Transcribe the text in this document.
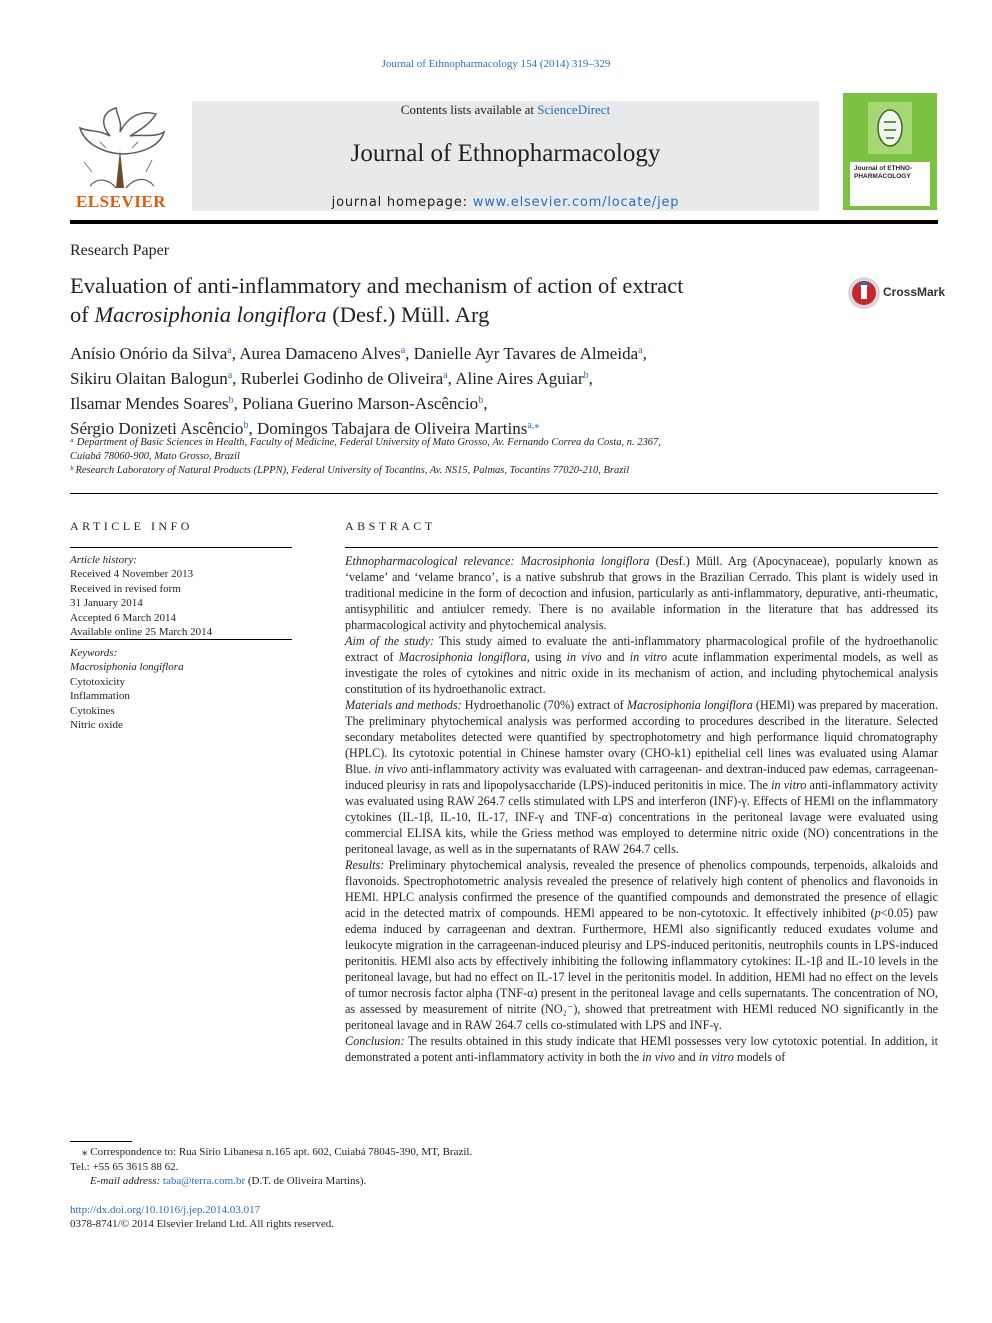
Journal of Ethnopharmacology 154 (2014) 319–329
ELSEVIER
Contents lists available at ScienceDirect
Journal of Ethnopharmacology
journal homepage: www.elsevier.com/locate/jep
Journal of ETHNO-PHARMACOLOGY
Research Paper
Evaluation of anti-inflammatory and mechanism of action of extract
of Macrosiphonia longiflora (Desf.) Müll. Arg
CrossMark
Anísio Onório da Silva$^a$, Aurea Damaceno Alves$^a$, Danielle Ayr Tavares de Almeida$^a$,
Sikiru Olaitan Balogun$^a$, Ruberlei Godinho de Oliveira$^a$, Aline Aires Aguiar$^b$,
Ilsamar Mendes Soares$^b$, Poliana Guerino Marson-Ascêncio$^b$,
Sérgio Donizeti Ascêncio$^b$, Domingos Tabajara de Oliveira Martins$^{a,⁎}$
ᵃ Department of Basic Sciences in Health, Faculty of Medicine, Federal University of Mato Grosso, Av. Fernando Correa da Costa, n. 2367,
Cuiabá 78060-900, Mato Grosso, Brazil
ᵇ Research Laboratory of Natural Products (LPPN), Federal University of Tocantins, Av. NS15, Palmas, Tocantins 77020-210, Brazil
ARTICLE INFO
Article history:
Received 4 November 2013
Received in revised form
31 January 2014
Accepted 6 March 2014
Available online 25 March 2014
Keywords:
Macrosiphonia longiflora
Cytotoxicity
Inflammation
Cytokines
Nitric oxide
ABSTRACT

Ethnopharmacological relevance: Macrosiphonia longiflora (Desf.) Müll. Arg (Apocynaceae), popularly known as ‘velame’ and ‘velame branco’, is a native subshrub that grows in the Brazilian Cerrado. This plant is widely used in traditional medicine in the form of decoction and infusion, particularly as anti-inflammatory, depurative, anti-rheumatic, antisyphilitic and antiulcer remedy. There is no available information in the literature that has addressed its pharmacological activity and phytochemical analysis.

Aim of the study: This study aimed to evaluate the anti-inflammatory pharmacological profile of the hydroethanolic extract of Macrosiphonia longiflora, using in vivo and in vitro acute inflammation experimental models, as well as investigate the roles of cytokines and nitric oxide in its mechanism of action, and including phytochemical analysis constitution of its hydroethanolic extract.

Materials and methods: Hydroethanolic (70%) extract of Macrosiphonia longiflora (HEMl) was prepared by maceration. The preliminary phytochemical analysis was performed according to procedures described in the literature. Selected secondary metabolites detected were quantified by spectrophotometry and high performance liquid chromatography (HPLC). Its cytotoxic potential in Chinese hamster ovary (CHO-k1) epithelial cell lines was evaluated using Alamar Blue. in vivo anti-inflammatory activity was evaluated with carrageenan- and dextran-induced paw edemas, carrageenan-induced pleurisy in rats and lipopolysaccharide (LPS)-induced peritonitis in mice. The in vitro anti-inflammatory activity was evaluated using RAW 264.7 cells stimulated with LPS and interferon (INF)-γ. Effects of HEMl on the inflammatory cytokines (IL-1β, IL-10, IL-17, INF-γ and TNF-α) concentrations in the peritoneal lavage were evaluated using commercial ELISA kits, while the Griess method was employed to determine nitric oxide (NO) concentrations in the peritoneal lavage, as well as in the supernatants of RAW 264.7 cells.

Results: Preliminary phytochemical analysis, revealed the presence of phenolics compounds, terpenoids, alkaloids and flavonoids. Spectrophotometric analysis revealed the presence of relatively high content of phenolics and flavonoids in HEMl. HPLC analysis confirmed the presence of the quantified compounds and demonstrated the presence of ellagic acid in the detected matrix of compounds. HEMl appeared to be non-cytotoxic. It effectively inhibited (p<0.05) paw edema induced by carrageenan and dextran. Furthermore, HEMl also significantly reduced exudates volume and leukocyte migration in the carrageenan-induced pleurisy and LPS-induced peritonitis, neutrophils counts in LPS-induced peritonitis. HEMl also acts by effectively inhibiting the following inflammatory cytokines: IL-1β and IL-10 levels in the peritoneal lavage, but had no effect on IL-17 level in the peritonitis model. In addition, HEMl had no effect on the levels of tumor necrosis factor alpha (TNF-α) present in the peritoneal lavage and cells supernatants. The concentration of NO, as assessed by measurement of nitrite (NO₂⁻), showed that pretreatment with HEMl reduced NO significantly in the peritoneal lavage and in RAW 264.7 cells co-stimulated with LPS and INF-γ.

Conclusion: The results obtained in this study indicate that HEMl possesses very low cytotoxic potential. In addition, it demonstrated a potent anti-inflammatory activity in both the in vivo and in vitro models of

⁎ Correspondence to: Rua Sírio Libanesa n.165 apt. 602, Cuiabá 78045-390, MT, Brazil.
Tel.: +55 65 3615 88 62.
E-mail address: taba@terra.com.br (D.T. de Oliveira Martins).
http://dx.doi.org/10.1016/j.jep.2014.03.017
0378-8741/© 2014 Elsevier Ireland Ltd. All rights reserved.
